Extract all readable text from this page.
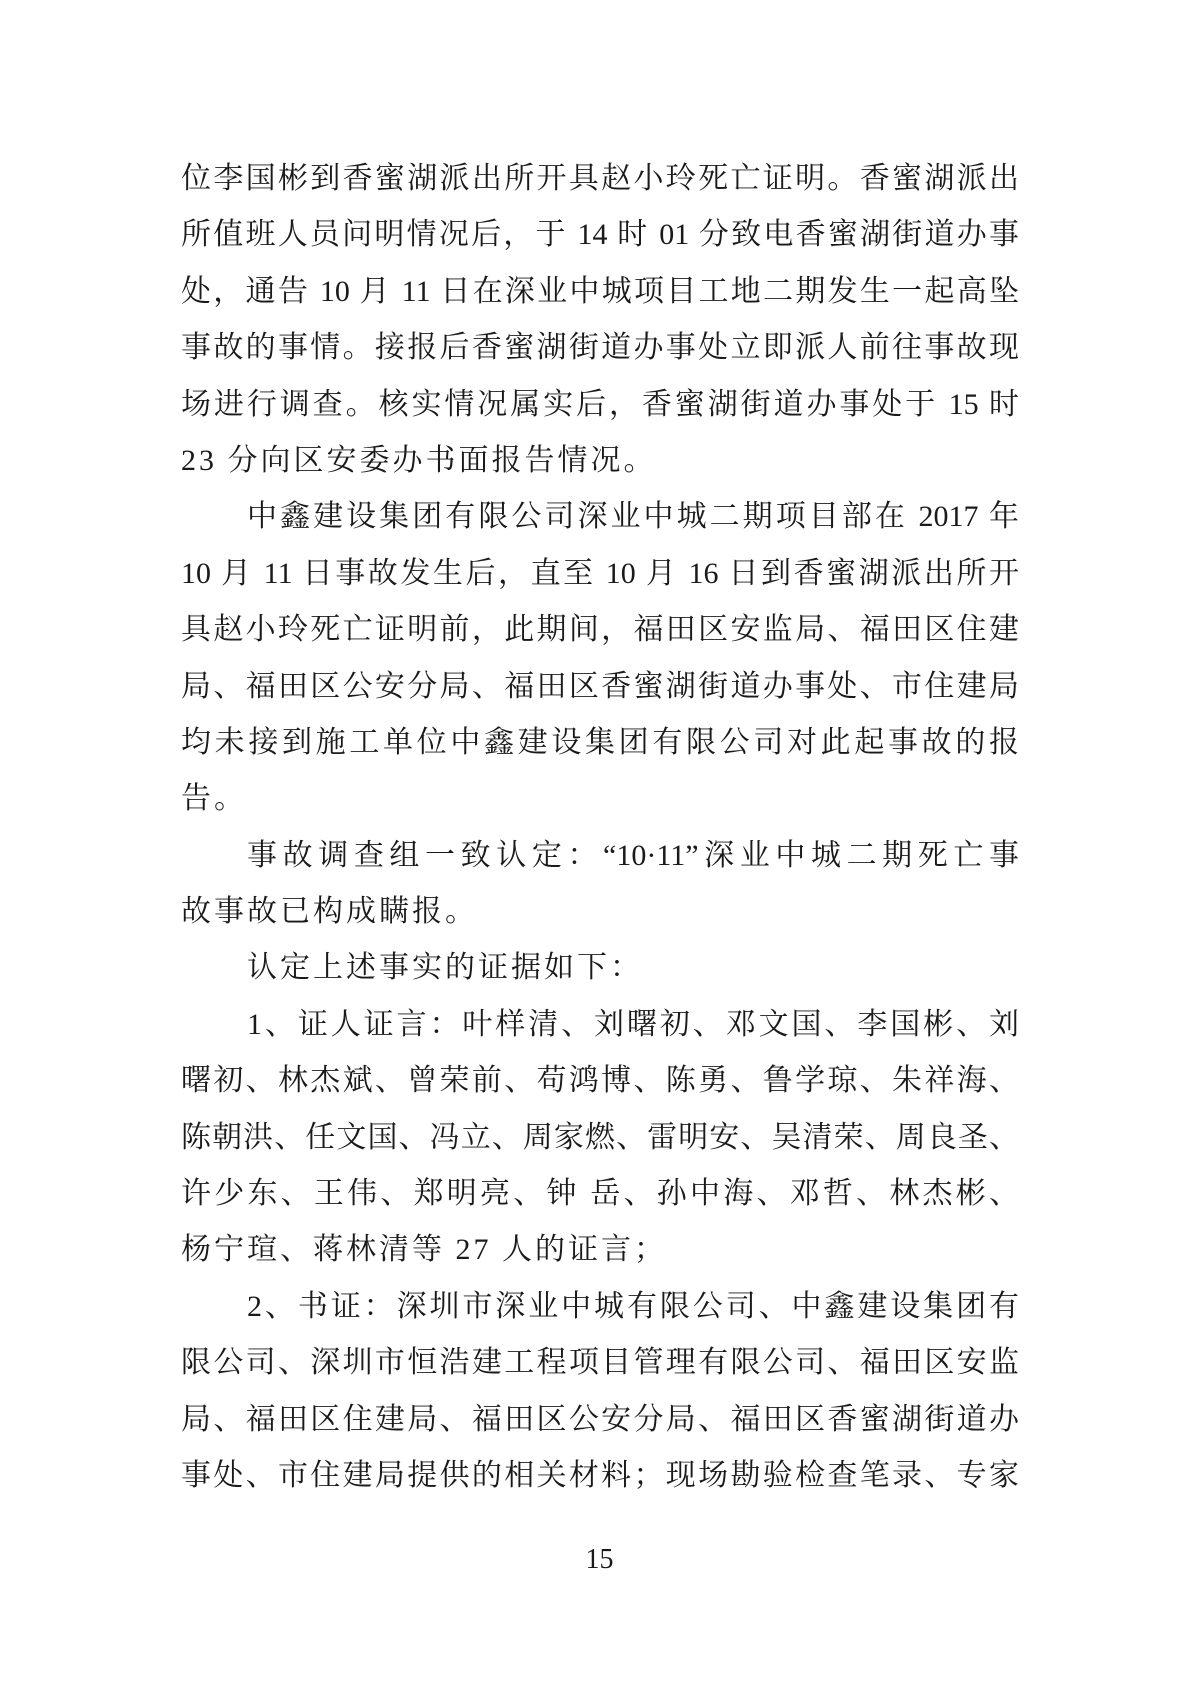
位李国彬到香蜜湖派出所开具赵小玲死亡证明。香蜜湖派出
所值班人员问明情况后，于 14 时 01 分致电香蜜湖街道办事
处，通告 10 月 11 日在深业中城项目工地二期发生一起高坠
事故的事情。接报后香蜜湖街道办事处立即派人前往事故现
场进行调查。核实情况属实后，香蜜湖街道办事处于 15 时
23 分向区安委办书面报告情况。
中鑫建设集团有限公司深业中城二期项目部在 2017 年
10 月 11 日事故发生后，直至 10 月 16 日到香蜜湖派出所开
具赵小玲死亡证明前，此期间，福田区安监局、福田区住建
局、福田区公安分局、福田区香蜜湖街道办事处、市住建局
均未接到施工单位中鑫建设集团有限公司对此起事故的报
告。
事故调查组一致认定：“10·11”深业中城二期死亡事
故事故已构成瞒报。
认定上述事实的证据如下：
1、证人证言：叶样清、刘曙初、邓文国、李国彬、刘
曙初、林杰斌、曾荣前、苟鸿博、陈勇、鲁学琼、朱祥海、
陈朝洪、任文国、冯立、周家燃、雷明安、吴清荣、周良圣、
许少东、王伟、郑明亮、钟 岳、孙中海、邓哲、林杰彬、
杨宁瑄、蒋林清等 27 人的证言；
2、书证：深圳市深业中城有限公司、中鑫建设集团有
限公司、深圳市恒浩建工程项目管理有限公司、福田区安监
局、福田区住建局、福田区公安分局、福田区香蜜湖街道办
事处、市住建局提供的相关材料；现场勘验检查笔录、专家
15
